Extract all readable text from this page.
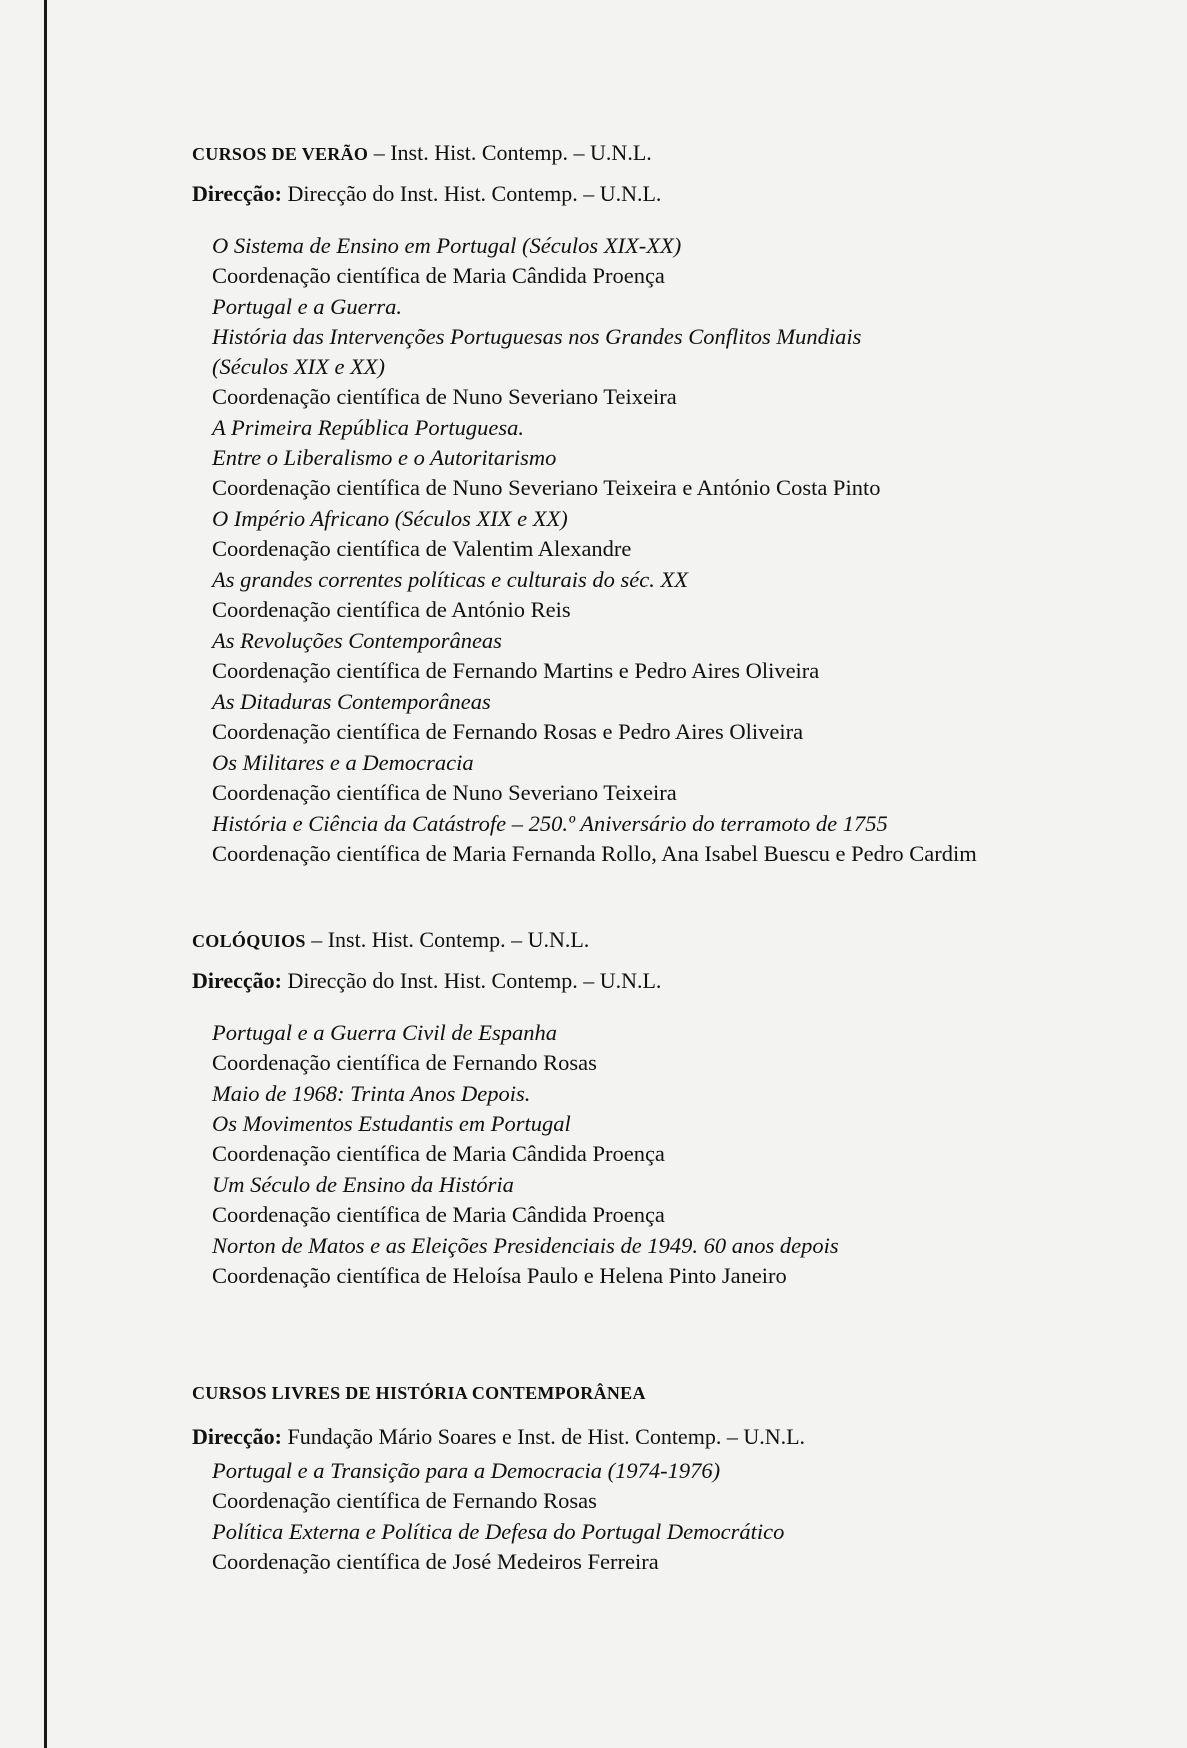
CURSOS DE VERÃO – Inst. Hist. Contemp. – U.N.L.

Direcção: Direcção do Inst. Hist. Contemp. – U.N.L.

O Sistema de Ensino em Portugal (Séculos XIX-XX)
Coordenação científica de Maria Cândida Proença
Portugal e a Guerra.
História das Intervenções Portuguesas nos Grandes Conflitos Mundiais
(Séculos XIX e XX)
Coordenação científica de Nuno Severiano Teixeira
A Primeira República Portuguesa.
Entre o Liberalismo e o Autoritarismo
Coordenação científica de Nuno Severiano Teixeira e António Costa Pinto
O Império Africano (Séculos XIX e XX)
Coordenação científica de Valentim Alexandre
As grandes correntes políticas e culturais do séc. XX
Coordenação científica de António Reis
As Revoluções Contemporâneas
Coordenação científica de Fernando Martins e Pedro Aires Oliveira
As Ditaduras Contemporâneas
Coordenação científica de Fernando Rosas e Pedro Aires Oliveira
Os Militares e a Democracia
Coordenação científica de Nuno Severiano Teixeira
História e Ciência da Catástrofe – 250.º Aniversário do terramoto de 1755
Coordenação científica de Maria Fernanda Rollo, Ana Isabel Buescu e Pedro Cardim

COLÓQUIOS – Inst. Hist. Contemp. – U.N.L.

Direcção: Direcção do Inst. Hist. Contemp. – U.N.L.

Portugal e a Guerra Civil de Espanha
Coordenação científica de Fernando Rosas
Maio de 1968: Trinta Anos Depois.
Os Movimentos Estudantis em Portugal
Coordenação científica de Maria Cândida Proença
Um Século de Ensino da História
Coordenação científica de Maria Cândida Proença
Norton de Matos e as Eleições Presidenciais de 1949. 60 anos depois
Coordenação científica de Heloísa Paulo e Helena Pinto Janeiro

CURSOS LIVRES DE HISTÓRIA CONTEMPORÂNEA

Direcção: Fundação Mário Soares e Inst. de Hist. Contemp. – U.N.L.

Portugal e a Transição para a Democracia (1974-1976)
Coordenação científica de Fernando Rosas
Política Externa e Política de Defesa do Portugal Democrático
Coordenação científica de José Medeiros Ferreira
